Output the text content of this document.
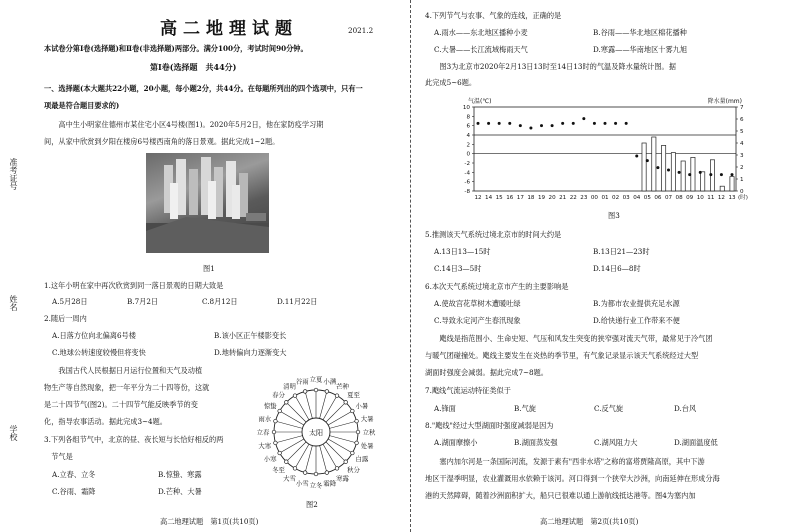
准考证号
姓名
学校
高二地理试题	2021.2
本试卷分第Ⅰ卷(选择题)和Ⅱ卷(非选择题)两部分。满分100分，考试时间90分钟。
第Ⅰ卷(选择题　共44分)
一、选择题(本大题共22小题，20小题，每小题2分，共44分。在每题所列出的四个选项中，只有一
项最是符合题目要求的)
　　高中生小明家住德州市某住宅小区4号楼(图1)。2020年5月2日，他在家防疫学习期
间，从家中欣赏到夕阳在楼房6号楼西南角的落日景观。据此完成1~2题。
图1
1.这年小明在家中再次欣赏到同一落日景观的日期大致是
A.5月28日	B.7月2日	C.8月12日	D.11月22日
2.随后一周内
A.日落方位向北偏离6号楼	B.该小区正午楼影变长
C.地球公转速度较慢但将变快	D.地转偏向力逐渐变大
　　我国古代人民根据日月运行位置和天气及动植
物生产等自然现象，把一年平分为二十四等份，这就
是二十四节气(图2)。二十四节气能反映季节的变
化，指导农事活动。据此完成3~4题。
3.下列各组节气中，北京的昼、夜长短与长恰好相反的两
　节气是
A.立春、立冬	B.惊蛰、寒露
C.谷雨、霜降	D.芒种、大暑
立夏 小满
芒种
夏至
小暑
大暑
立秋
处暑
白露
秋分
寒露
霜降
立冬
小雪
大雪
冬至
小寒
大寒
立春
雨水
惊蛰
春分
清明
谷雨
太阳
图2
高二地理试题　第1页(共10页)
4.下列节气与农事、气象的连线，正确的是
A.雨水——东北地区播种小麦	B.谷雨——华北地区棉花播种
C.大暑——长江流域梅雨天气	D.寒露——华南地区十雾九旭
　　图3为北京市2020年2月13日13时至14日13时的气温及降水量统计图。据
此完成5~6题。
-8
-6
-4
-2
0
2
4
6
8
10
0
1
2
3
4
5
6
7
气温(℃)	降水量(mm)
12 14 15 16 17 18 19 20 21 22 23 00 01 02 03 04 05 06 07 08 09 10 11 12 13 (时)
图3
5.推测该天气系统过境北京市的时间大约是
A.13日13—15时	B.13日21—23时
C.14日3—5时	D.14日6—8时
6.本次天气系统过境北京市产生的主要影响是
A.使故宫花草树木遭暖吐绿	B.为都市农业提供充足水源
C.导致永定河产生春汛现象	D.给快递行业工作带来不便
　　飑线是指范围小、生命史短、气压和风发生突变的狭窄强对流天气带，最常见于冷气团
与暖气团碰撞处。飑线主要发生在炎热的季节里，有气象记录显示该天气系统经过大型
湖面时强度会减弱。据此完成7~8题。
7.飑线气流运动特征类似于
A.锋面	B.气旋	C.反气旋	D.台风
8."飑线"经过大型湖面时强度减弱是因为
A.湖面摩擦小	B.湖面蒸发强	C.湖风阻力大	D.湖面温度低
　　塞内加尔河是一条国际河流，发源于素有"西非水塔"之称的富塔贾隆高原，其中下游
地区干湿季明显，农业灌溉用水依赖于该河。河口得到一个狭窄大沙洲，向南延伸在形成分海
港的天然障碍，随着沙洲面积扩大，船只已很难以通上游航线抵达港等。图4为塞内加
高二地理试题　第2页(共10页)
